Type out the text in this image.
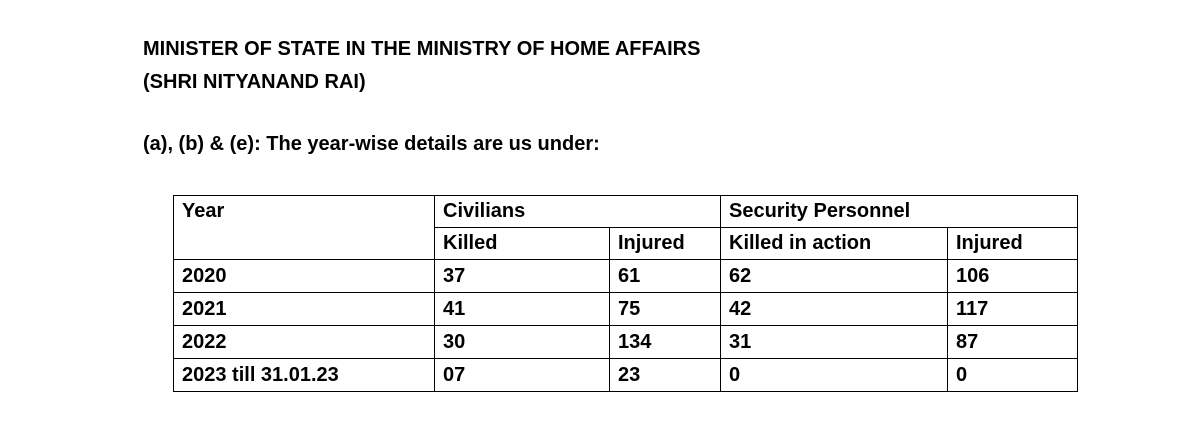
MINISTER OF STATE IN THE MINISTRY OF HOME AFFAIRS
(SHRI NITYANAND RAI)
(a), (b) & (e): The year-wise details are us under:
Year	Civilians		Security Personnel	
	Killed	Injured	Killed in action	Injured
2020	37	61	62	106
2021	41	75	42	117
2022	30	134	31	87
2023 till 31.01.23	07	23	0	0
